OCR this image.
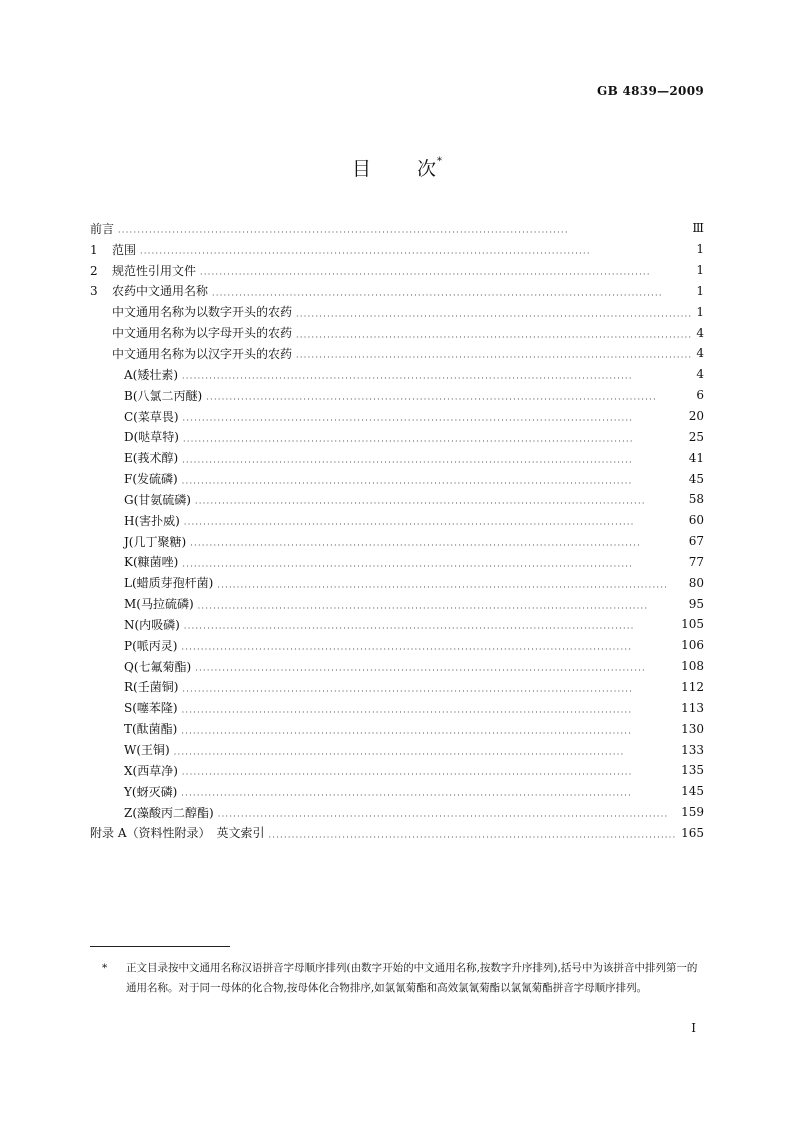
GB 4839—2009
目 次*
前言 · · ·	Ⅲ
1 范围 · · ·	1
2 规范性引用文件 · · ·	1
3 农药中文通用名称 · · ·	1
中文通用名称为以数字开头的农药 · · ·	1
中文通用名称为以字母开头的农药 · · ·	4
中文通用名称为以汉字开头的农药 · · ·	4
A(矮壮素) · · ·	4
B(八氯二丙醚) · · ·	6
C(菜草畏) · · ·	20
D(哒草特) · · ·	25
E(莪术醇) · · ·	41
F(发硫磷) · · ·	45
G(甘氨硫磷) · · ·	58
H(害扑威) · · ·	60
J(几丁聚糖) · · ·	67
K(糠菌唑) · · ·	77
L(蜡质芽孢杆菌) · · ·	80
M(马拉硫磷) · · ·	95
N(内吸磷) · · ·	105
P(哌丙灵) · · ·	106
Q(七氟菊酯) · · ·	108
R(壬菌铜) · · ·	112
S(噻苯隆) · · ·	113
T(酞菌酯) · · ·	130
W(王铜) · · ·	133
X(西草净) · · ·	135
Y(蚜灭磷) · · ·	145
Z(藻酸丙二醇酯) · · ·	159
附录 A（资料性附录）　英文索引 · · ·	165
*	正文目录按中文通用名称汉语拼音字母顺序排列(由数字开始的中文通用名称,按数字升序排列),括号中为该拼音中排列第一的通用名称。对于同一母体的化合物,按母体化合物排序,如氯氰菊酯和高效氯氰菊酯以氯氰菊酯拼音字母顺序排列。
I
